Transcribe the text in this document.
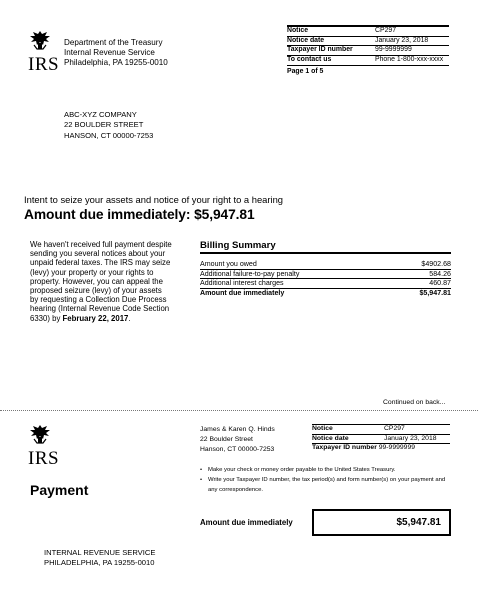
IRS
Department of the Treasury
Internal Revenue Service
Philadelphia, PA 19255-0010
Notice	CP297
Notice date	January 23, 2018
Taxpayer ID number	99-9999999
To contact us	Phone 1-800-xxx-xxxx
Page 1 of 5
ABC-XYZ COMPANY
22 BOULDER STREET
HANSON, CT 00000-7253
Intent to seize your assets and notice of your right to a hearing
Amount due immediately: $5,947.81
We haven't received full payment despite sending you several notices about your unpaid federal taxes. The IRS may seize (levy) your property or your rights to property. However, you can appeal the proposed seizure (levy) of your assets by requesting a Collection Due Process hearing (Internal Revenue Code Section 6330) by February 22, 2017.
Billing Summary
Amount you owed	$4902.68
Additional failure-to-pay penalty	584.26
Additional interest charges	460.87
Amount due immediately	$5,947.81
Continued on back...
IRS
Payment
James & Karen Q. Hinds
22 Boulder Street
Hanson, CT 00000-7253
Notice	CP297
Notice date	January 23, 2018
Taxpayer ID number 99-9999999
•	Make your check or money order payable to the United States Treasury.
•	Write your Taxpayer ID number, the tax period(s) and form number(s) on your payment and any correspondence.
Amount due immediately	$5,947.81
INTERNAL REVENUE SERVICE
PHILADELPHIA, PA 19255-0010
